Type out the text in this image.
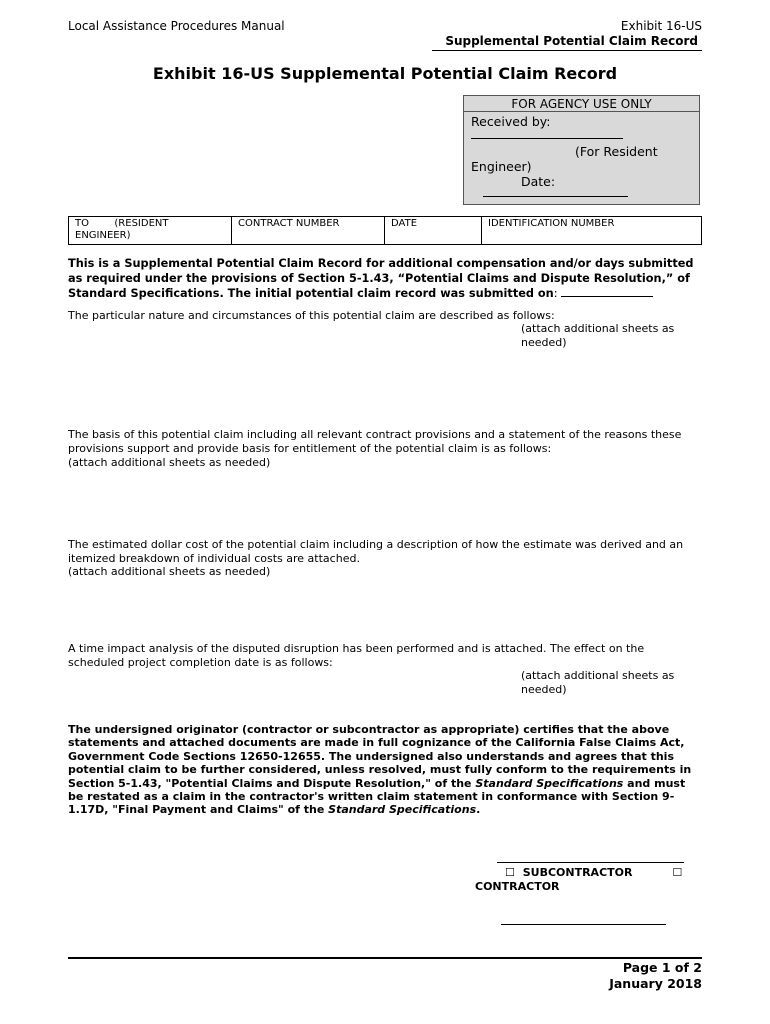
Local Assistance Procedures Manual	Exhibit 16-US
Supplemental Potential Claim Record
Exhibit 16-US Supplemental Potential Claim Record
FOR AGENCY USE ONLY
Received by:
(For Resident
Engineer)
Date:
TO        (RESIDENT ENGINEER)	CONTRACT NUMBER	DATE	IDENTIFICATION NUMBER
This is a Supplemental Potential Claim Record for additional compensation and/or days submitted as required under the provisions of Section 5-1.43, “Potential Claims and Dispute Resolution,” of Standard Specifications. The initial potential claim record was submitted on:
The particular nature and circumstances of this potential claim are described as follows:
(attach additional sheets as
needed)
The basis of this potential claim including all relevant contract provisions and a statement of the reasons these provisions support and provide basis for entitlement of the potential claim is as follows:
(attach additional sheets as needed)
The estimated dollar cost of the potential claim including a description of how the estimate was derived and an itemized breakdown of individual costs are attached.
(attach additional sheets as needed)
A time impact analysis of the disputed disruption has been performed and is attached. The effect on the scheduled project completion date is as follows:
(attach additional sheets as
needed)
The undersigned originator (contractor or subcontractor as appropriate) certifies that the above statements and attached documents are made in full cognizance of the California False Claims Act, Government Code Sections 12650-12655. The undersigned also understands and agrees that this potential claim to be further considered, unless resolved, must fully conform to the requirements in Section 5-1.43, "Potential Claims and Dispute Resolution," of the Standard Specifications and must be restated as a claim in the contractor's written claim statement in conformance with Section 9-1.17D, "Final Payment and Claims" of the Standard Specifications.
☐ SUBCONTRACTOR	☐
CONTRACTOR
Page 1 of 2
January 2018
